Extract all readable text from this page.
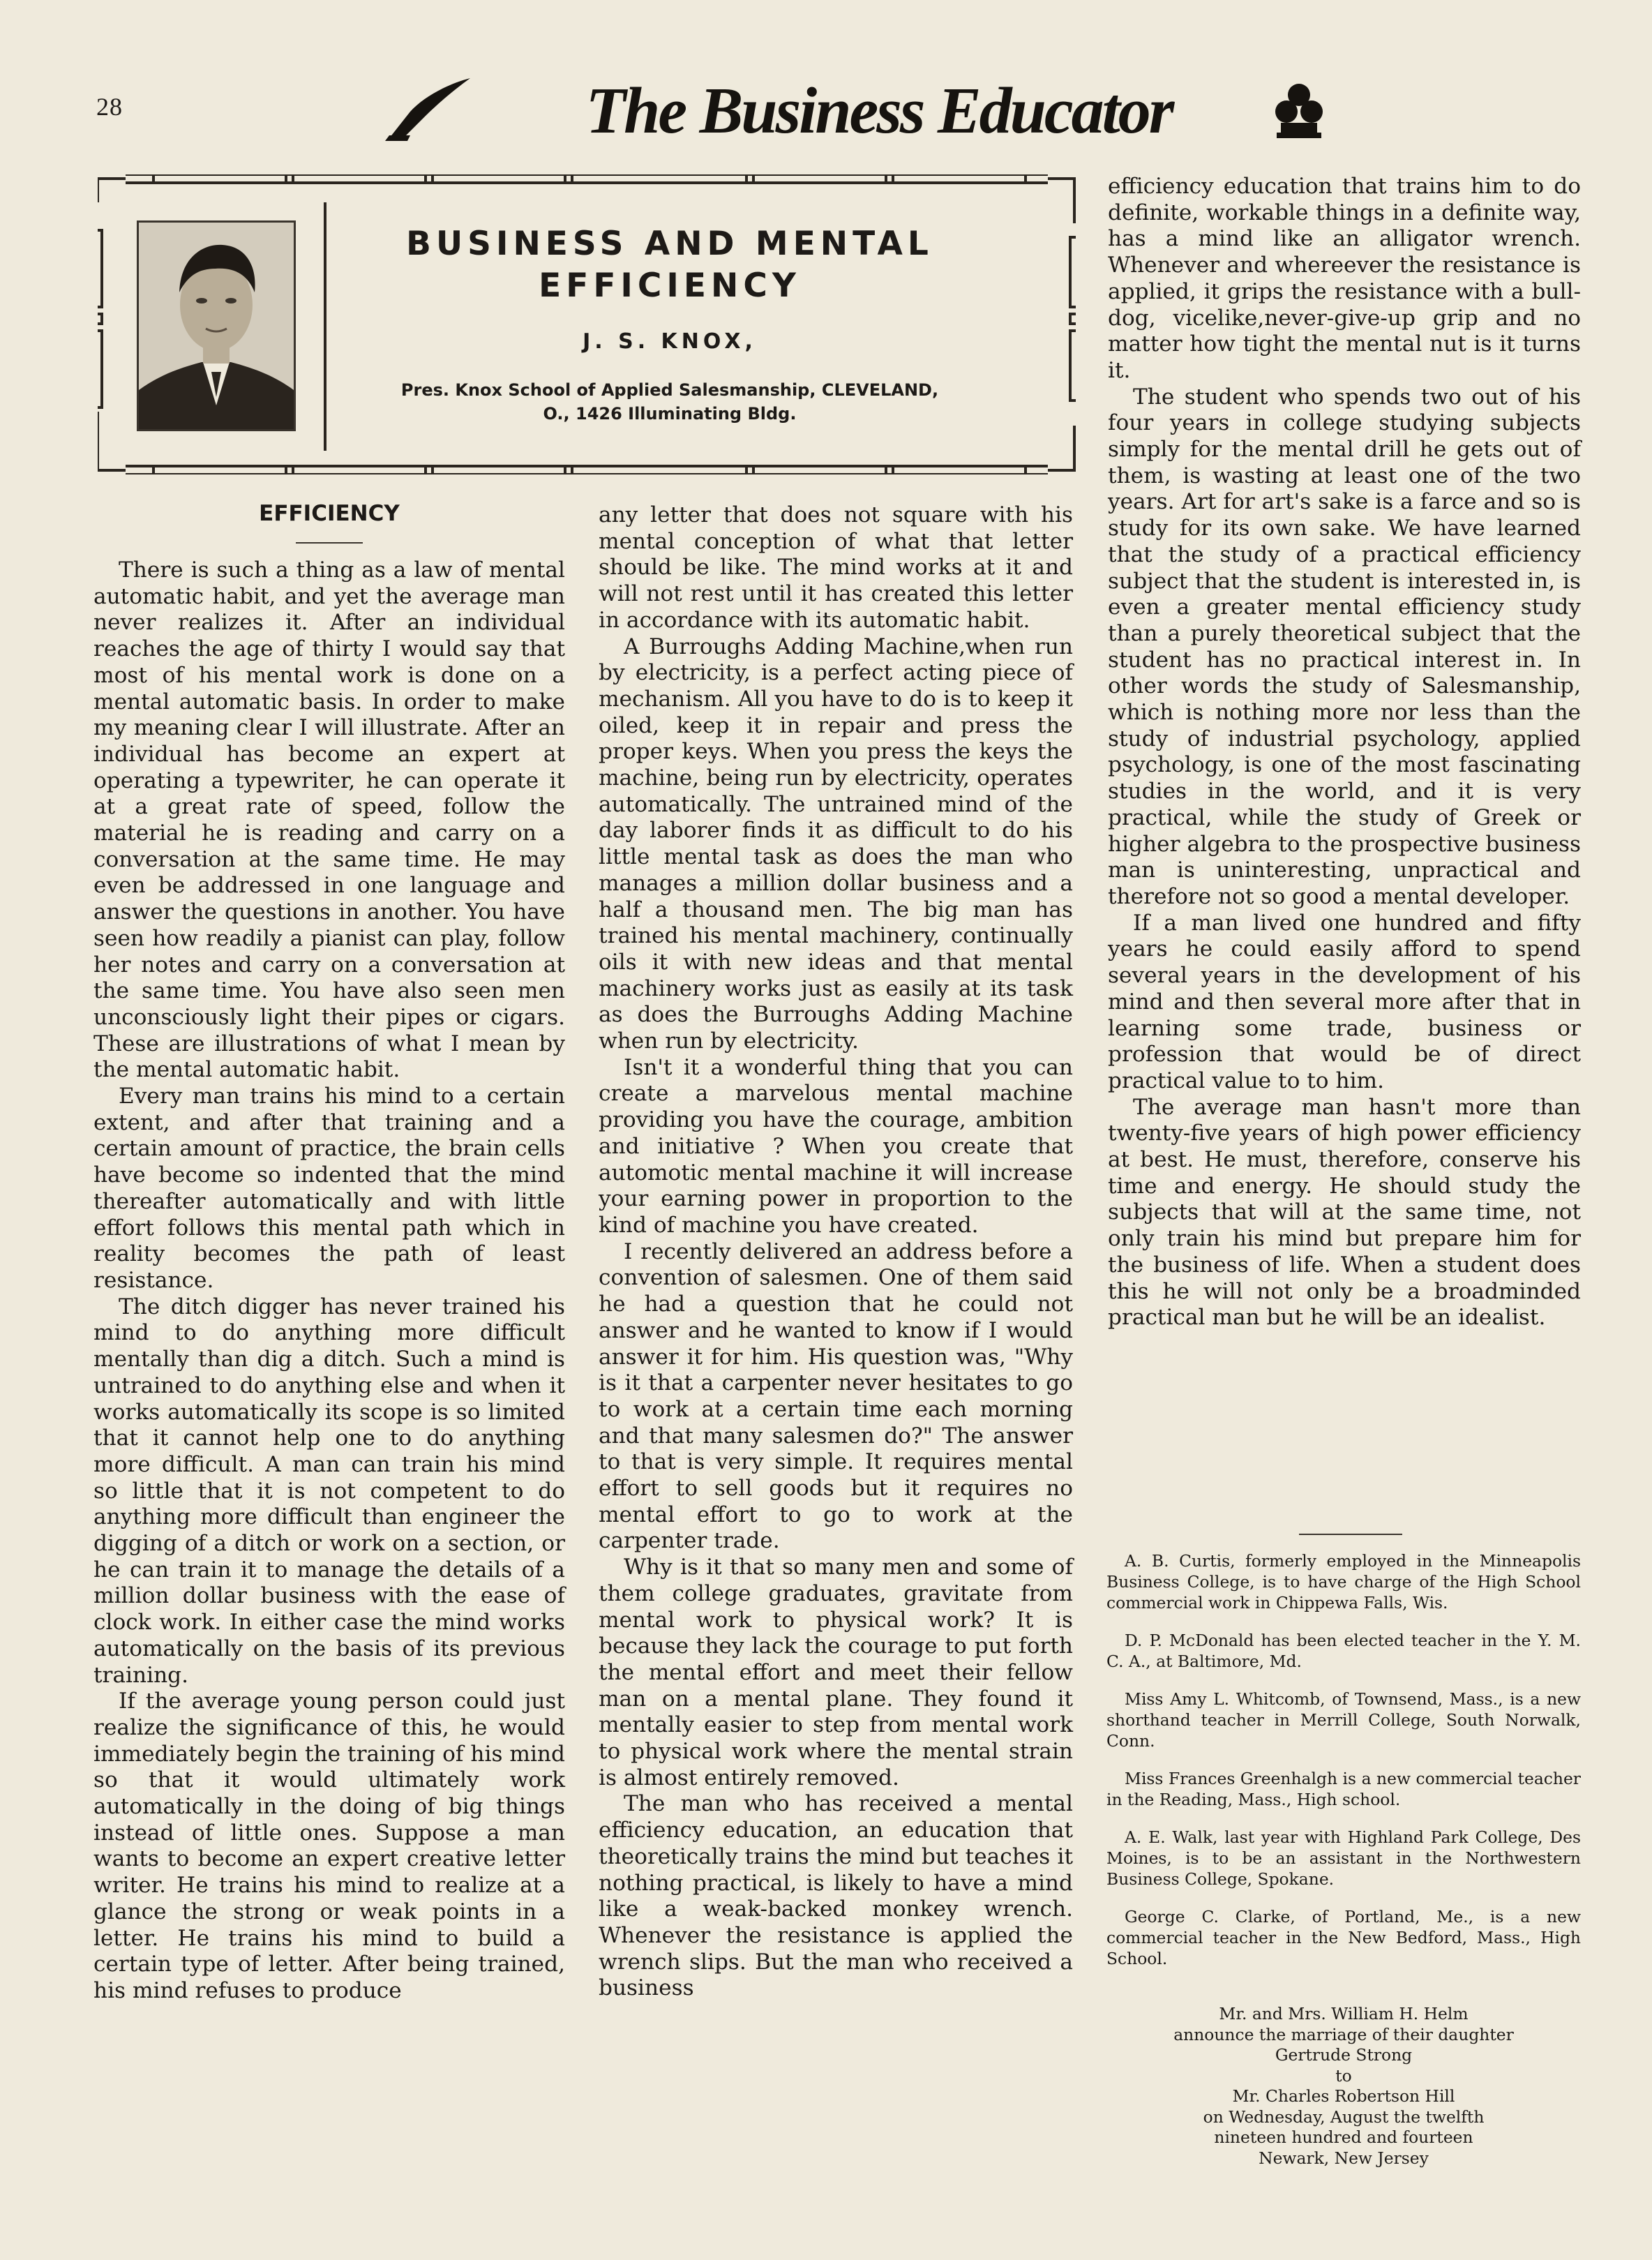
28	The Business Educator
BUSINESS AND MENTAL
EFFICIENCY
J. S. KNOX,
Pres. Knox School of Applied Salesmanship, CLEVELAND,
O., 1426 Illuminating Bldg.
EFFICIENCY

There is such a thing as a law of mental automatic habit, and yet the average man never realizes it. After an individual reaches the age of thirty I would say that most of his mental work is done on a mental automatic basis. In order to make my meaning clear I will illustrate. After an individual has become an expert at operating a typewriter, he can operate it at a great rate of speed, follow the material he is reading and carry on a conversation at the same time. He may even be addressed in one language and answer the questions in another. You have seen how readily a pianist can play, follow her notes and carry on a conversation at the same time. You have also seen men unconsciously light their pipes or cigars. These are illustrations of what I mean by the mental automatic habit.

Every man trains his mind to a certain extent, and after that training and a certain amount of practice, the brain cells have become so indented that the mind thereafter automatically and with little effort follows this mental path which in reality becomes the path of least resistance.

The ditch digger has never trained his mind to do anything more difficult mentally than dig a ditch. Such a mind is untrained to do anything else and when it works automatically its scope is so limited that it cannot help one to do anything more difficult. A man can train his mind so little that it is not competent to do anything more difficult than engineer the digging of a ditch or work on a section, or he can train it to manage the details of a million dollar business with the ease of clock work. In either case the mind works automatically on the basis of its previous training.

If the average young person could just realize the significance of this, he would immediately begin the training of his mind so that it would ultimately work automatically in the doing of big things instead of little ones. Suppose a man wants to become an expert creative letter writer. He trains his mind to realize at a glance the strong or weak points in a letter. He trains his mind to build a certain type of letter. After being trained, his mind refuses to produce

any letter that does not square with his mental conception of what that letter should be like. The mind works at it and will not rest until it has created this letter in accordance with its automatic habit.

A Burroughs Adding Machine,when run by electricity, is a perfect acting piece of mechanism. All you have to do is to keep it oiled, keep it in repair and press the proper keys. When you press the keys the machine, being run by electricity, operates automatically. The untrained mind of the day laborer finds it as difficult to do his little mental task as does the man who manages a million dollar business and a half a thousand men. The big man has trained his mental machinery, continually oils it with new ideas and that mental machinery works just as easily at its task as does the Burroughs Adding Machine when run by electricity.

Isn't it a wonderful thing that you can create a marvelous mental machine providing you have the courage, ambition and initiative ? When you create that automotic mental machine it will increase your earning power in proportion to the kind of machine you have created.

I recently delivered an address before a convention of salesmen. One of them said he had a question that he could not answer and he wanted to know if I would answer it for him. His question was, "Why is it that a carpenter never hesitates to go to work at a certain time each morning and that many salesmen do?" The answer to that is very simple. It requires mental effort to sell goods but it requires no mental effort to go to work at the carpenter trade.

Why is it that so many men and some of them college graduates, gravitate from mental work to physical work? It is because they lack the courage to put forth the mental effort and meet their fellow man on a mental plane. They found it mentally easier to step from mental work to physical work where the mental strain is almost entirely removed.

The man who has received a mental efficiency education, an education that theoretically trains the mind but teaches it nothing practical, is likely to have a mind like a weak-backed monkey wrench. Whenever the resistance is applied the wrench slips. But the man who received a business

efficiency education that trains him to do definite, workable things in a definite way, has a mind like an alligator wrench. Whenever and whereever the resistance is applied, it grips the resistance with a bull-dog, vicelike,never-give-up grip and no matter how tight the mental nut is it turns it.

The student who spends two out of his four years in college studying subjects simply for the mental drill he gets out of them, is wasting at least one of the two years. Art for art's sake is a farce and so is study for its own sake. We have learned that the study of a practical efficiency subject that the student is interested in, is even a greater mental efficiency study than a purely theoretical subject that the student has no practical interest in. In other words the study of Salesmanship, which is nothing more nor less than the study of industrial psychology, applied psychology, is one of the most fascinating studies in the world, and it is very practical, while the study of Greek or higher algebra to the prospective business man is uninteresting, unpractical and therefore not so good a mental developer.

If a man lived one hundred and fifty years he could easily afford to spend several years in the development of his mind and then several more after that in learning some trade, business or profession that would be of direct practical value to to him.

The average man hasn't more than twenty-five years of high power efficiency at best. He must, therefore, conserve his time and energy. He should study the subjects that will at the same time, not only train his mind but prepare him for the business of life. When a student does this he will not only be a broadminded practical man but he will be an idealist.

A. B. Curtis, formerly employed in the Minneapolis Business College, is to have charge of the High School commercial work in Chippewa Falls, Wis.

D. P. McDonald has been elected teacher in the Y. M. C. A., at Baltimore, Md.

Miss Amy L. Whitcomb, of Townsend, Mass., is a new shorthand teacher in Merrill College, South Norwalk, Conn.

Miss Frances Greenhalgh is a new commercial teacher in the Reading, Mass., High school.

A. E. Walk, last year with Highland Park College, Des Moines, is to be an assistant in the Northwestern Business College, Spokane.

George C. Clarke, of Portland, Me., is a new commercial teacher in the New Bedford, Mass., High School.

Mr. and Mrs. William H. Helm
announce the marriage of their daughter
Gertrude Strong
to
Mr. Charles Robertson Hill
on Wednesday, August the twelfth
nineteen hundred and fourteen
Newark, New Jersey
